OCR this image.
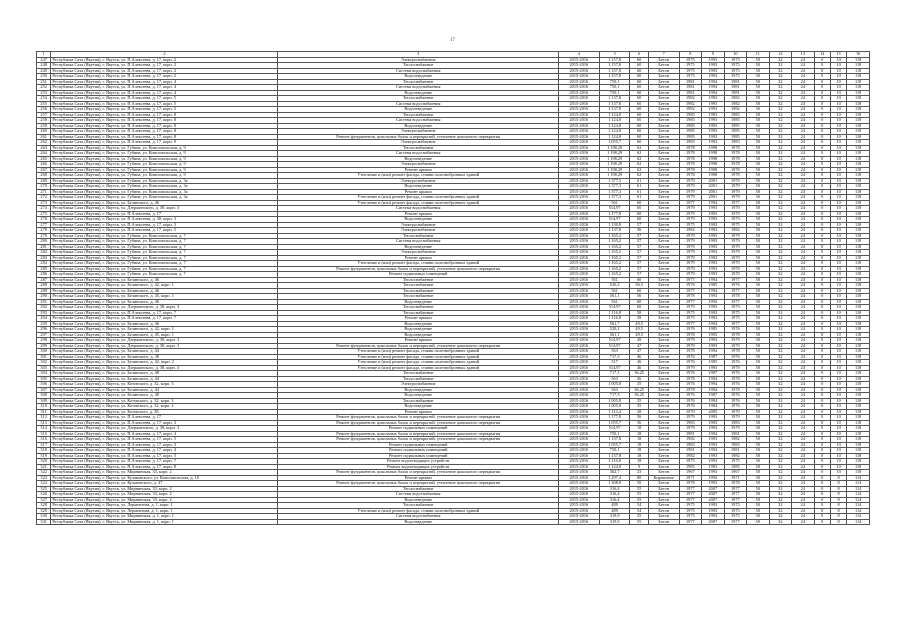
17
1	2	3	4	5	6	7	8	9	10	11	12	13	14	15	16
247	Республика Саха (Якутия), г. Якутск, ул. П.Алексеева, д. 17, корп. 2	Электроснабжение	2015-2016	1 157,8	60	Бетон	1975	1993	1975	50	32	24	0	10	118
248	Республика Саха (Якутия), г. Якутск, ул. П.Алексеева, д. 17, корп. 2	Теплоснабжение	2015-2016	1 157,8	60	Бетон	1975	1993	1975	50	32	24	0	10	118
249	Республика Саха (Якутия), г. Якутск, ул. П.Алексеева, д. 17, корп. 2	Система водоснабжения	2015-2016	1 157,8	60	Бетон	1975	1993	1975	50	32	24	0	10	118
250	Республика Саха (Якутия), г. Якутск, ул. П.Алексеева, д. 17, корп. 2	Водоотведение	2015-2016	1 157,8	60	Бетон	1975	1993	1975	50	32	24	0	10	118
251	Республика Саха (Якутия), г. Якутск, ул. П.Алексеева, д. 17, корп. 4	Теплоснабжение	2015-2016	750,1	60	Бетон	1981	1994	1981	50	32	24	0	10	118
252	Республика Саха (Якутия), г. Якутск, ул. П.Алексеева, д. 17, корп. 4	Система водоснабжения	2015-2016	750,1	60	Бетон	1981	1994	1981	50	32	24	0	10	118
253	Республика Саха (Якутия), г. Якутск, ул. П.Алексеева, д. 17, корп. 4	Водоотведение	2015-2016	750,1	60	Бетон	1981	1994	1981	50	32	24	0	10	118
254	Республика Саха (Якутия), г. Якутск, ул. П.Алексеева, д. 17, корп. 5	Теплоснабжение	2015-2016	1 137,8	60	Бетон	1982	1993	1982	50	32	24	0	10	118
255	Республика Саха (Якутия), г. Якутск, ул. П.Алексеева, д. 17, корп. 5	Система водоснабжения	2015-2016	1 137,8	60	Бетон	1982	1993	1982	50	32	24	0	10	118
256	Республика Саха (Якутия), г. Якутск, ул. П.Алексеева, д. 17, корп. 5	Водоотведение	2015-2016	1 137,8	60	Бетон	1982	1993	1982	50	32	24	0	10	118
257	Республика Саха (Якутия), г. Якутск, ул. П.Алексеева, д. 17, корп. 8	Теплоснабжение	2015-2016	1 124,8	60	Бетон	1985	1993	1985	50	32	24	0	10	118
258	Республика Саха (Якутия), г. Якутск, ул. П.Алексеева, д. 17, корп. 8	Система водоснабжения	2015-2016	1 124,8	60	Бетон	1985	1993	1985	50	32	24	0	10	118
259	Республика Саха (Якутия), г. Якутск, ул. П.Алексеева, д. 17, корп. 8	Водоотведение	2015-2016	1 124,8	60	Бетон	1985	1993	1985	50	32	24	0	10	118
260	Республика Саха (Якутия), г. Якутск, ул. П.Алексеева, д. 17, корп. 8	Электроснабжение	2015-2016	1 124,8	60	Бетон	1985	1993	1985	50	32	24	0	10	118
261	Республика Саха (Якутия), г. Якутск, ул. П.Алексеева, д. 17, корп. 8	Ремонт фундаментов, цокольных балок и перекрытий, утепление цокольного перекрытия	2015-2016	1 124,8	60	Бетон	1985	1993	1985	50	32	24	0	10	118
262	Республика Саха (Якутия), г. Якутск, ул. П.Алексеева, д. 17, корп. 9	Электроснабжение	2015-2016	1 055,7	60	Бетон	1983	1993	1983	50	32	24	0	10	118
263	Республика Саха (Якутия), г. Якутск, ул. Губина, ул. Комсомольская, д. 9	Теплоснабжение	2015-2016	1 198,29	62	Бетон	1978	1998	1978	50	32	24	0	10	118
264	Республика Саха (Якутия), г. Якутск, ул. Губина, ул. Комсомольская, д. 9	Система водоснабжения	2015-2016	1 198,29	62	Бетон	1978	1998	1978	50	32	24	0	10	118
265	Республика Саха (Якутия), г. Якутск, ул. Губина, ул. Комсомольская, д. 9	Водоотведение	2015-2016	1 198,29	62	Бетон	1978	1998	1978	50	32	24	0	10	118
266	Республика Саха (Якутия), г. Якутск, ул. Губина, ул. Комсомольская, д. 9	Электроснабжение	2015-2016	1 198,29	62	Бетон	1978	1998	1978	50	32	24	0	10	118
267	Республика Саха (Якутия), г. Якутск, ул. Губина, ул. Комсомольская, д. 9	Ремонт крыши	2015-2016	1 198,29	62	Бетон	1978	1998	1978	50	32	24	0	10	118
268	Республика Саха (Якутия), г. Якутск, ул. Губина, ул. Комсомольская, д. 9	Утепление и (или) ремонт фасада, ставни полезнобронных зданий	2015-2016	1 198,29	62	Бетон	1978	1998	1978	50	32	24	0	10	118
269	Республика Саха (Якутия), г. Якутск, ул. Губина, ул. Комсомольская, д. 3а	Электроснабжение	2015-2016	1 377,3	61	Бетон	1979	2001	1979	50	32	24	0	10	118
270	Республика Саха (Якутия), г. Якутск, ул. Губина, ул. Комсомольская, д. 3а	Водоотведение	2015-2016	1 377,3	61	Бетон	1979	2001	1979	50	32	24	0	10	118
271	Республика Саха (Якутия), г. Якутск, ул. Губина, ул. Комсомольская, д. 3а	Ремонт крыши	2015-2016	1 377,3	61	Бетон	1979	2001	1979	50	32	24	0	10	118
272	Республика Саха (Якутия), г. Якутск, ул. Губина, ул. Комсомольская, д. 3а	Утепление и (или) ремонт фасада, ставни полезнобронных зданий	2015-2016	1 377,3	61	Бетон	1979	2001	1979	50	32	24	0	10	118
273	Республика Саха (Якутия), г. Якутск, ул. Белинского, д. 46	Утепление и (или) ремонт фасада, ставни полезнобронных зданий	2015-2016	561	60	Бетон	1977	1994	1977	50	32	24	0	10	118
274	Республика Саха (Якутия), г. Якутск, ул. Дзержинского, д. 38, корп. 3	Система водоснабжения	2015-2016	514,97	60	Бетон	1979	1993	1979	50	32	24	0	10	118
275	Республика Саха (Якутия), г. Якутск, ул. П.Алексеева, д. 17	Ремонт крыши	2015-2016	1 177,8	60	Бетон	1979	1993	1979	50	32	24	0	10	118
276	Республика Саха (Якутия), г. Якутск, ул. П.Алексеева, д. 38, корп. 3	Водоотведение	2015-2016	514,97	60	Бетон	1979	1993	1979	50	32	24	0	10	118
277	Республика Саха (Якутия), г. Якутск, ул. П.Алексеева, д. 17, корп. 3	Электроснабжение	2015-2016	1 130,8	57	Бетон	1975	1993	1975	50	32	24	0	10	118
278	Республика Саха (Якутия), г. Якутск, ул. П.Алексеева, д. 17, корп. 5	Электроснабжение	2015-2016	1 137,8	56	Бетон	1982	1993	1982	50	32	24	0	10	118
279	Республика Саха (Якутия), г. Якутск, ул. Губина, ул. Комсомольская, д. 7	Теплоснабжение	2015-2016	1 165,2	57	Бетон	1979	1993	1979	50	32	24	0	10	118
280	Республика Саха (Якутия), г. Якутск, ул. Губина, ул. Комсомольская, д. 7	Система водоснабжения	2015-2016	1 165,2	57	Бетон	1979	1993	1979	50	32	24	0	10	118
281	Республика Саха (Якутия), г. Якутск, ул. Губина, ул. Комсомольская, д. 7	Водоотведение	2015-2016	1 165,2	57	Бетон	1979	1993	1979	50	32	24	0	10	118
282	Республика Саха (Якутия), г. Якутск, ул. Губина, ул. Комсомольская, д. 7	Электроснабжение	2015-2016	1 165,2	57	Бетон	1979	1993	1979	50	32	24	0	10	118
283	Республика Саха (Якутия), г. Якутск, ул. Губина, ул. Комсомольская, д. 7	Ремонт крыши	2015-2016	1 165,2	57	Бетон	1979	1993	1979	50	32	24	0	10	118
284	Республика Саха (Якутия), г. Якутск, ул. Губина, ул. Комсомольская, д. 7	Утепление и (или) ремонт фасада, ставни полезнобронных зданий	2015-2016	1 165,2	57	Бетон	1979	1993	1979	50	32	24	0	10	118
285	Республика Саха (Якутия), г. Якутск, ул. Губина, ул. Комсомольская, д. 7	Ремонт фундаментов, цокольных балок и перекрытий, утепление цокольного перекрытия	2015-2016	1 165,2	57	Бетон	1979	1993	1979	50	32	24	0	10	118
286	Республика Саха (Якутия), г. Якутск, ул. Губина, ул. Комсомольская, д. 7	Ремонт подвальных помещений	2015-2016	1 165,2	57	Бетон	1979	1993	1979	50	32	24	0	10	118
287	Республика Саха (Якутия), г. Якутск, ул. Белинского, д. 46	Теплоснабжение	2015-2016	561	60	Бетон	1977	1994	1977	50	32	24	0	10	118
288	Республика Саха (Якутия), г. Якутск, ул. Белинского, д. 42, корп. 1	Теплоснабжение	2015-2016	520,2	56,3	Бетон	1976	1985	1976	50	32	24	0	10	118
289	Республика Саха (Якутия), г. Якутск, ул. Белинского, д. 46	Теплоснабжение	2015-2016	561	60	Бетон	1977	1994	1977	50	32	24	0	10	118
290	Республика Саха (Якутия), г. Якутск, ул. Белинского, д. 45, корп. 1	Теплоснабжение	2015-2016	561,1	56	Бетон	1978	1993	1978	50	32	24	0	10	118
291	Республика Саха (Якутия), г. Якутск, ул. Белинского, д. 46	Водоотведение	2015-2016	561	60	Бетон	1977	1994	1977	50	32	24	0	10	118
292	Республика Саха (Якутия), г. Якутск, ул. Дзержинского, д. 38, корп. 3	Теплоснабжение	2015-2016	514,97	60	Бетон	1979	1993	1979	50	32	24	0	10	118
293	Республика Саха (Якутия), г. Якутск, ул. П.Алексеева, д. 17, корп. 7	Теплоснабжение	2015-2016	1 116,8	58	Бетон	1975	1993	1975	50	32	24	0	10	118
294	Республика Саха (Якутия), г. Якутск, ул. П.Алексеева, д. 17, корп. 7	Ремонт крыши	2015-2016	1 116,8	58	Бетон	1975	1993	1975	50	32	24	0	10	118
295	Республика Саха (Якутия), г. Якутск, ул. Белинского, д. 46	Водоотведение	2015-2016	561,7	49,5	Бетон	1977	1994	1977	50	32	24	0	10	118
296	Республика Саха (Якутия), г. Якутск, ул. Белинского, д. 42, корп. 1	Водоотведение	2015-2016	520,2	49,5	Бетон	1976	1985	1976	50	32	24	0	10	118
297	Республика Саха (Якутия), г. Якутск, ул. Белинского, д. 45, корп. 1	Водоотведение	2015-2016	561,1	49,5	Бетон	1978	1993	1978	50	32	24	0	10	118
298	Республика Саха (Якутия), г. Якутск, ул. Дзержинского, д. 38, корп. 3	Ремонт крыши	2015-2016	514,97	49	Бетон	1979	1993	1979	50	32	24	0	10	118
299	Республика Саха (Якутия), г. Якутск, ул. Дзержинского, д. 38, корп. 3	Ремонт фундаментов, цокольных балок и перекрытий, утепление цокольного перекрытия	2015-2016	514,97	47	Бетон	1979	1993	1979	50	32	24	0	10	118
300	Республика Саха (Якутия), г. Якутск, ул. Белинского, д. 44	Утепление и (или) ремонт фасада, ставни полезнобронных зданий	2015-2016	563	47	Бетон	1978	1994	1978	50	32	24	0	10	118
301	Республика Саха (Якутия), г. Якутск, ул. Белинского, д. 48	Утепление и (или) ремонт фасада, ставни полезнобронных зданий	2015-2016	717,3	46	Бетон	1976	1987	1976	50	32	24	0	10	118
302	Республика Саха (Якутия), г. Якутск, ул. Белинского, д. 42, корп. 2	Утепление и (или) ремонт фасада, ставни полезнобронных зданий	2015-2016	517	46	Бетон	1976	1985	1976	50	32	24	0	10	118
303	Республика Саха (Якутия), г. Якутск, ул. Дзержинского, д. 38, корп. 3	Утепление и (или) ремонт фасада, ставни полезнобронных зданий	2015-2016	514,97	46	Бетон	1979	1993	1979	50	32	24	0	10	118
304	Республика Саха (Якутия), г. Якутск, ул. Белинского, д. 48	Теплоснабжение	2015-2016	717,3	36,25	Бетон	1976	1987	1976	50	32	24	0	10	118
305	Республика Саха (Якутия), г. Якутск, ул. Белинского, д. 44	Теплоснабжение	2015-2016	563	36	Бетон	1978	1994	1978	50	32	24	0	10	118
306	Республика Саха (Якутия), г. Якутск, ул. Котовского, д. 32, корп. 3	Электроснабжение	2015-2016	1 005,8	35	Бетон	1976	1994	1976	50	32	24	0	10	118
307	Республика Саха (Якутия), г. Якутск, ул. Белинского, д. 44	Водоотведение	2015-2016	563	36,25	Бетон	1978	1994	1978	50	32	24	0	10	118
308	Республика Саха (Якутия), г. Якутск, ул. Белинского, д. 48	Водоотведение	2015-2016	717,3	36,25	Бетон	1976	1987	1976	50	32	24	0	10	118
309	Республика Саха (Якутия), г. Якутск, ул. Котовского, д. 32, корп. 3	Теплоснабжение	2015-2016	1 005,8	35	Бетон	1976	1994	1976	50	32	24	0	10	118
310	Республика Саха (Якутия), г. Якутск, ул. Котовского, д. 32, корп. 2	Водоотведение	2015-2016	1 005,8	35	Бетон	1976	1984	1976	50	32	24	0	10	118
311	Республика Саха (Якутия), г. Якутск, ул. Котовского, д. 38	Ремонт крыши	2015-2016	1 113,4	28	Бетон	1970	2005	1970	50	32	24	0	10	118
312	Республика Саха (Якутия), г. Якутск, ул. П.Алексеева, д. 17	Ремонт фундаментов, цокольных балок и перекрытий, утепление цокольного перекрытия	2015-2016	1 177,8	56	Бетон	1979	1993	1979	50	32	24	0	10	118
313	Республика Саха (Якутия), г. Якутск, ул. П.Алексеева, д. 17, корп. 3	Ремонт фундаментов, цокольных балок и перекрытий, утепление цокольного перекрытия	2015-2016	1 055,7	56	Бетон	1983	1993	1983	50	32	24	0	10	118
314	Республика Саха (Якутия), г. Якутск, ул. Дзержинского, д. 38, корп. 3	Ремонт подвальных помещений	2015-2016	514,97	18	Бетон	1979	1993	1979	50	32	24	0	10	118
315	Республика Саха (Якутия), г. Якутск, ул. П.Алексеева, д. 17, корп. 4	Ремонт фундаментов, цокольных балок и перекрытий, утепление цокольного перекрытия	2015-2016	750,1	18	Бетон	1981	1994	1981	50	32	24	0	10	118
316	Республика Саха (Якутия), г. Якутск, ул. П.Алексеева, д. 17, корп. 5	Ремонт фундаментов, цокольных балок и перекрытий, утепление цокольного перекрытия	2015-2016	1 137,8	18	Бетон	1982	1993	1982	50	32	24	0	10	118
317	Республика Саха (Якутия), г. Якутск, ул. П.Алексеева, д. 17, корп. 3	Ремонт подвальных помещений	2015-2016	1 055,7	18	Бетон	1983	1993	1983	50	32	24	0	10	118
318	Республика Саха (Якутия), г. Якутск, ул. П.Алексеева, д. 17, корп. 4	Ремонт подвальных помещений	2015-2016	750,1	18	Бетон	1981	1994	1981	50	32	24	0	10	118
319	Республика Саха (Якутия), г. Якутск, ул. П.Алексеева, д. 17, корп. 5	Ремонт подвальных помещений	2015-2016	1 137,8	18	Бетон	1982	1993	1982	50	32	24	0	10	118
320	Республика Саха (Якутия), г. Якутск, ул. П.Алексеева, д. 17, корп. 7	Ремонт водоотводящих устройств	2015-2016	1 116,8	18	Бетон	1975	1993	1975	50	32	24	0	10	118
321	Республика Саха (Якутия), г. Якутск, ул. П.Алексеева, д. 17, корп. 8	Ремонт водоотводящих устройств	2015-2016	1 124,8	9	Бетон	1985	1993	1985	50	32	24	0	10	118
322	Республика Саха (Якутия), г. Якутск, ул. Мирнинская, 33, корп. 2	Ремонт фундаментов, цокольных балок и перекрытий, утепление цокольного перекрытия	2015-2016	362,7	23	Бетон	1967	1993	1967	50	32	24	0	10	118
323	Республика Саха (Якутия), г. Якутск, ул. Кулаковского, ул. Комсомольская, д. 10	Ремонт крыши	2015-2016	1 297,4	80	Кирпичное	1971	1994	1971	50	32	24	0	8	114
324	Республика Саха (Якутия), г. Якутск, ул. Кулаковского, д. 47	Ремонт фундаментов, цокольных балок и перекрытий, утепление цокольного перекрытия	2015-2016	1 308,8	50	Бетон	1978	1993	1978	50	32	24	0	8	114
325	Республика Саха (Якутия), г. Якутск, ул. Мирнинская, 33, корп. 2	Теплоснабжение	2015-2016	316,4	55	Бетон	1977	2007	1977	50	32	24	0	8	114
326	Республика Саха (Якутия), г. Якутск, ул. Мирнинская, 33, корп. 2	Система водоснабжения	2015-2016	316,4	55	Бетон	1977	2007	1977	50	32	24	0	8	114
327	Республика Саха (Якутия), г. Якутск, ул. Мирнинская, 33, корп. 2	Водоотведение	2015-2016	316,4	55	Бетон	1977	2007	1977	50	32	24	0	8	114
328	Республика Саха (Якутия), г. Якутск, ул. Лермонтова, д. 1, корп. 1	Теплоснабжение	2015-2016	489	54	Бетон	1975	1993	1975	50	32	24	0	8	114
329	Республика Саха (Якутия), г. Якутск, ул. Лермонтова, д. 1, корп. 1	Утепление и (или) ремонт фасада, ставни полезнобронных зданий	2015-2016	489	54	Бетон	1975	1993	1975	50	32	24	0	8	114
330	Республика Саха (Якутия), г. Якутск, ул. Мирнинская, д. 1, корп. 1	Система водоснабжения	2015-2016	319,9	55	Бетон	1975	1993	1975	50	32	24	0	8	114
331	Республика Саха (Якутия), г. Якутск, ул. Мирнинская, д. 1, корп. 1	Водоотведение	2015-2016	319,9	55	Бетон	1977	2007	1977	50	32	24	0	8	114
